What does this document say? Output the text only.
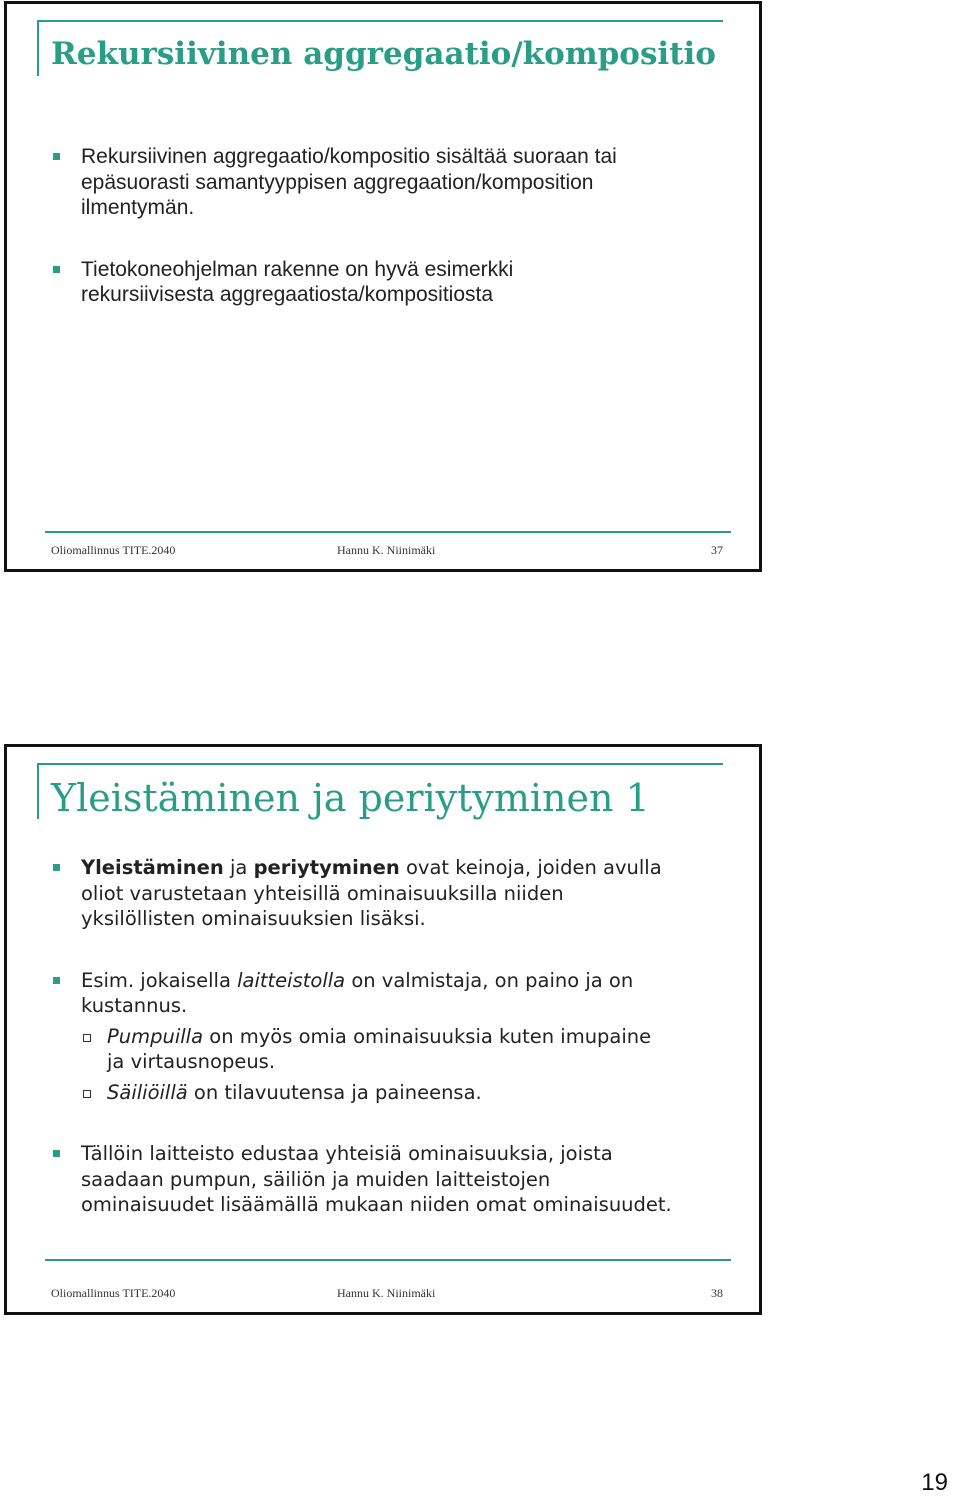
Rekursiivinen aggregaatio/kompositio
Rekursiivinen aggregaatio/kompositio sisältää suoraan tai
epäsuorasti samantyyppisen aggregaation/komposition
ilmentymän.
Tietokoneohjelman rakenne on hyvä esimerkki
rekursiivisesta aggregaatiosta/kompositiosta
Oliomallinnus TITE.2040	Hannu K. Niinimäki	37
Yleistäminen ja periytyminen 1
Yleistäminen ja periytyminen ovat keinoja, joiden avulla
oliot varustetaan yhteisillä ominaisuuksilla niiden
yksilöllisten ominaisuuksien lisäksi.
Esim. jokaisella laitteistolla on valmistaja, on paino ja on
kustannus.
Pumpuilla on myös omia ominaisuuksia kuten imupaine
ja virtausnopeus.
Säiliöillä on tilavuutensa ja paineensa.
Tällöin laitteisto edustaa yhteisiä ominaisuuksia, joista
saadaan pumpun, säiliön ja muiden laitteistojen
ominaisuudet lisäämällä mukaan niiden omat ominaisuudet.
Oliomallinnus TITE.2040	Hannu K. Niinimäki	38
19
